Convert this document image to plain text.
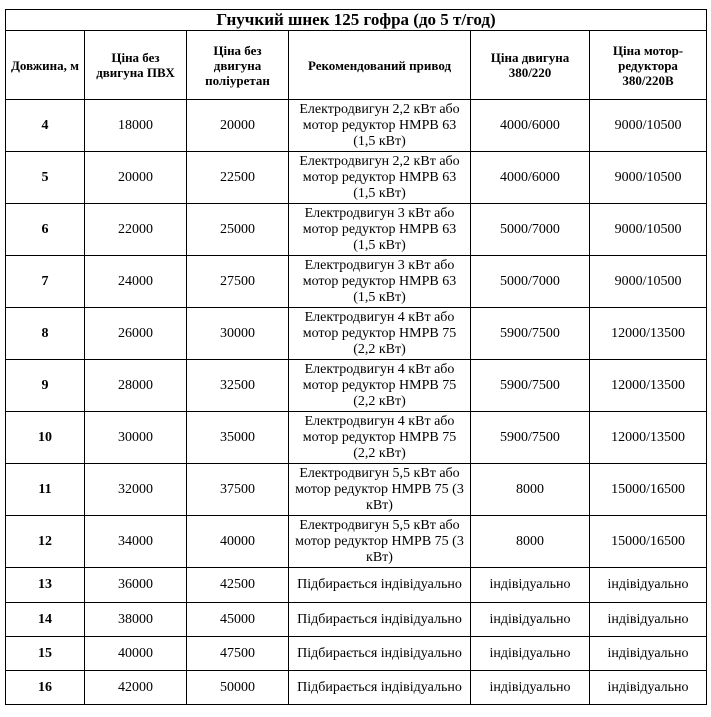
Гнучкий шнек 125 гофра (до 5 т/год)					
Довжина, м	Ціна без двигуна ПВХ	Ціна без двигуна поліуретан	Рекомендований привод	Ціна двигуна 380/220	Ціна мотор-редуктора 380/220В
4	18000	20000	Електродвигун 2,2 кВт або мотор редуктор НМРВ 63 (1,5 кВт)	4000/6000	9000/10500
5	20000	22500	Електродвигун 2,2 кВт або мотор редуктор НМРВ 63 (1,5 кВт)	4000/6000	9000/10500
6	22000	25000	Електродвигун 3 кВт або мотор редуктор НМРВ 63 (1,5 кВт)	5000/7000	9000/10500
7	24000	27500	Електродвигун 3 кВт або мотор редуктор НМРВ 63 (1,5 кВт)	5000/7000	9000/10500
8	26000	30000	Електродвигун 4 кВт або мотор редуктор НМРВ 75 (2,2 кВт)	5900/7500	12000/13500
9	28000	32500	Електродвигун 4 кВт або мотор редуктор НМРВ 75 (2,2 кВт)	5900/7500	12000/13500
10	30000	35000	Електродвигун 4 кВт або мотор редуктор НМРВ 75 (2,2 кВт)	5900/7500	12000/13500
11	32000	37500	Електродвигун 5,5 кВт або мотор редуктор НМРВ 75 (3 кВт)	8000	15000/16500
12	34000	40000	Електродвигун 5,5 кВт або мотор редуктор НМРВ 75 (3 кВт)	8000	15000/16500
13	36000	42500	Підбирається індівідуально	індівідуально	індівідуально
14	38000	45000	Підбирається індівідуально	індівідуально	індівідуально
15	40000	47500	Підбирається індівідуально	індівідуально	індівідуально
16	42000	50000	Підбирається індівідуально	індівідуально	індівідуально
